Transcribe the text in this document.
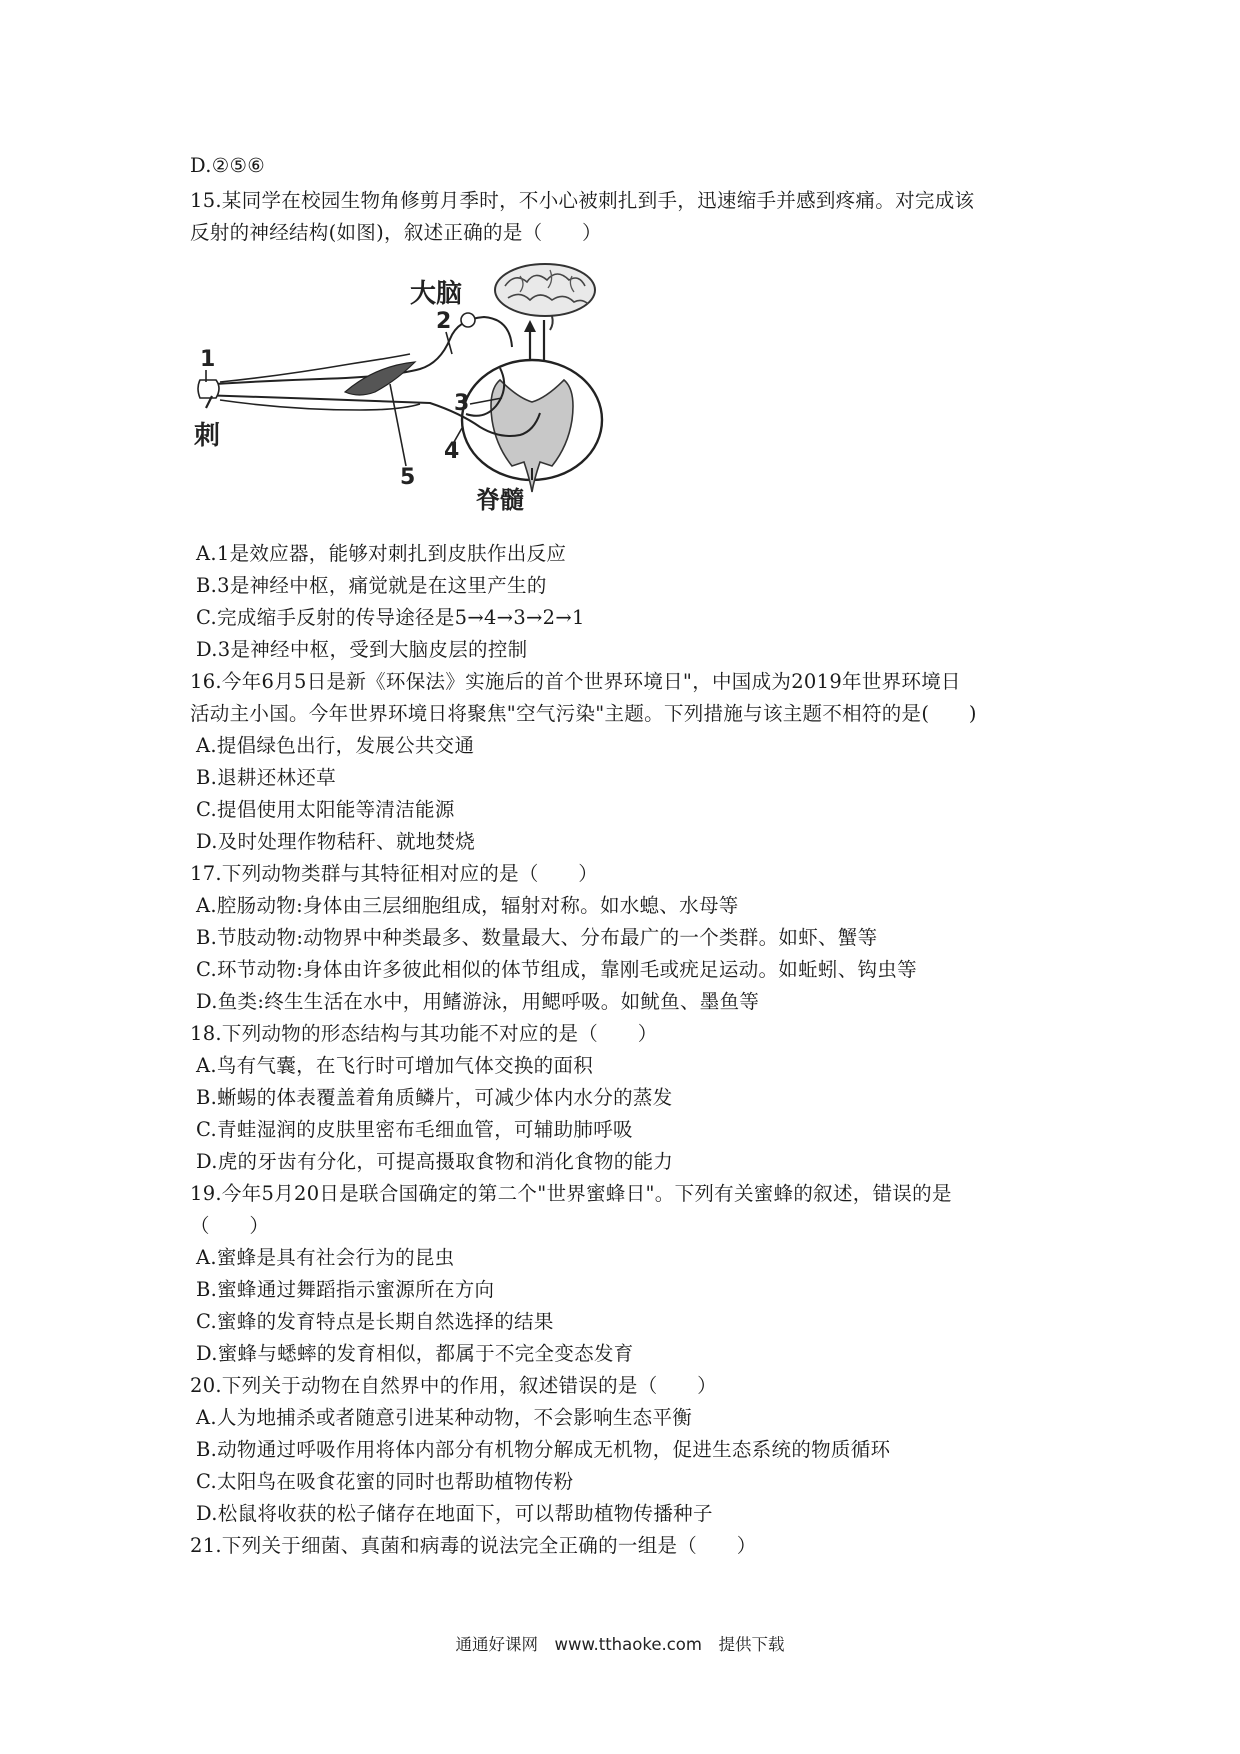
D.②⑤⑥
15.某同学在校园生物角修剪月季时，不小心被刺扎到手，迅速缩手并感到疼痛。对完成该
反射的神经结构(如图)，叙述正确的是（　　）
大脑
脊髓
刺
1
2
3
4
5
A.1是效应器，能够对刺扎到皮肤作出反应
B.3是神经中枢，痛觉就是在这里产生的
C.完成缩手反射的传导途径是5→4→3→2→1
D.3是神经中枢，受到大脑皮层的控制
16.今年6月5日是新《环保法》实施后的首个世界环境日"，中国成为2019年世界环境日
活动主小国。今年世界环境日将聚焦"空气污染"主题。下列措施与该主题不相符的是(　　)
A.提倡绿色出行，发展公共交通
B.退耕还林还草
C.提倡使用太阳能等清洁能源
D.及时处理作物秸秆、就地焚烧
17.下列动物类群与其特征相对应的是（　　）
A.腔肠动物:身体由三层细胞组成，辐射对称。如水螅、水母等
B.节肢动物:动物界中种类最多、数量最大、分布最广的一个类群。如虾、蟹等
C.环节动物:身体由许多彼此相似的体节组成，靠刚毛或疣足运动。如蚯蚓、钩虫等
D.鱼类:终生生活在水中，用鳍游泳，用鳃呼吸。如鱿鱼、墨鱼等
18.下列动物的形态结构与其功能不对应的是（　　）
A.鸟有气囊，在飞行时可增加气体交换的面积
B.蜥蜴的体表覆盖着角质鳞片，可减少体内水分的蒸发
C.青蛙湿润的皮肤里密布毛细血管，可辅助肺呼吸
D.虎的牙齿有分化，可提高摄取食物和消化食物的能力
19.今年5月20日是联合国确定的第二个"世界蜜蜂日"。下列有关蜜蜂的叙述，错误的是
（　　）
A.蜜蜂是具有社会行为的昆虫
B.蜜蜂通过舞蹈指示蜜源所在方向
C.蜜蜂的发育特点是长期自然选择的结果
D.蜜蜂与蟋蟀的发育相似，都属于不完全变态发育
20.下列关于动物在自然界中的作用，叙述错误的是（　　）
A.人为地捕杀或者随意引进某种动物，不会影响生态平衡
B.动物通过呼吸作用将体内部分有机物分解成无机物，促进生态系统的物质循环
C.太阳鸟在吸食花蜜的同时也帮助植物传粉
D.松鼠将收获的松子储存在地面下，可以帮助植物传播种子
21.下列关于细菌、真菌和病毒的说法完全正确的一组是（　　）
通通好课网　www.tthaoke.com　提供下载
